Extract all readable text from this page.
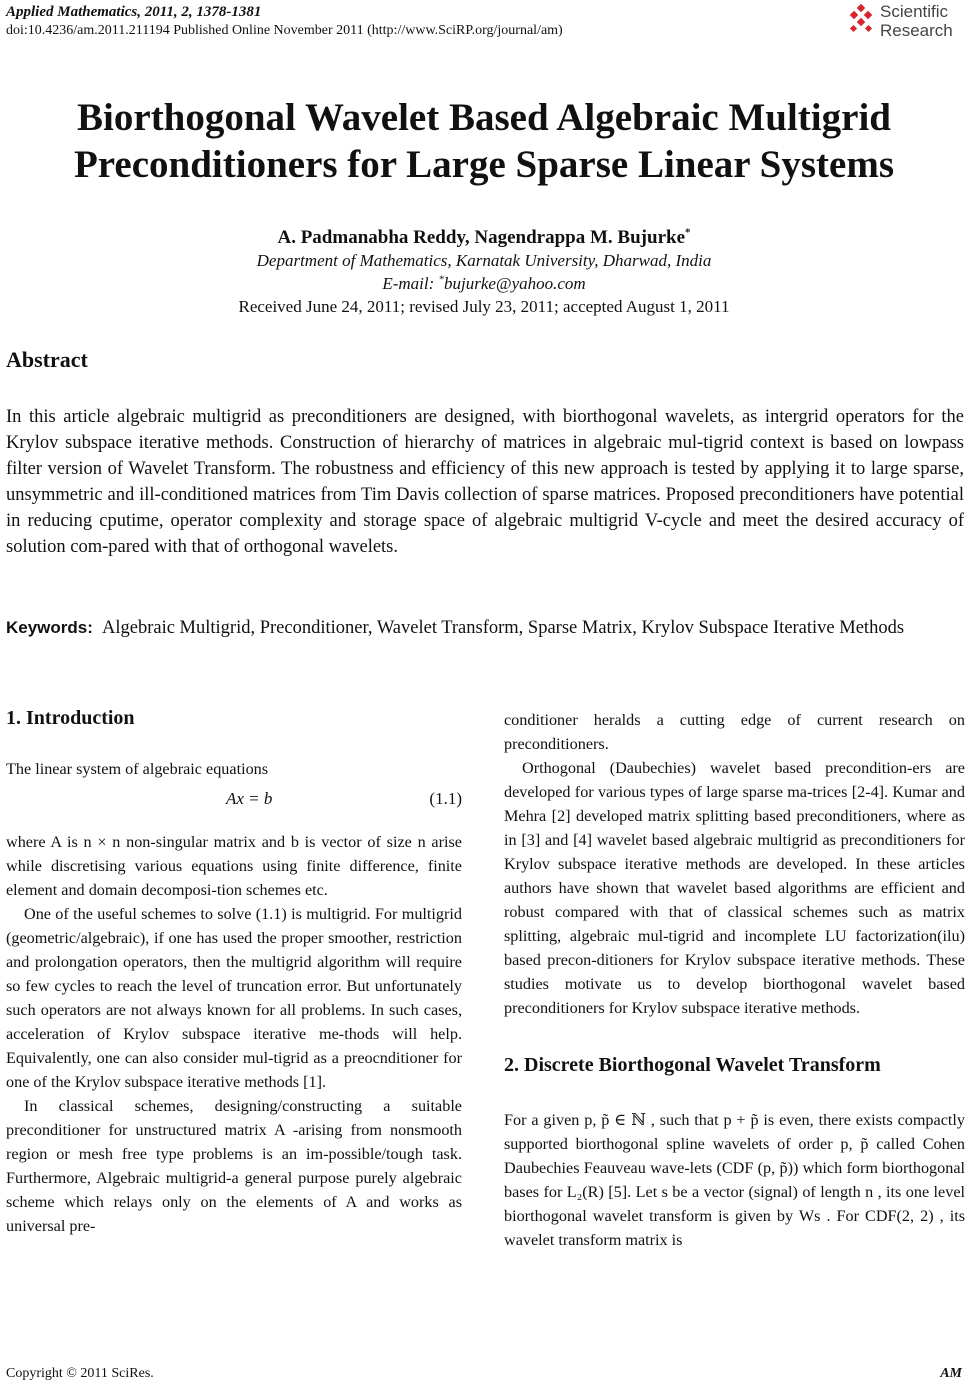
Applied Mathematics, 2011, 2, 1378-1381
doi:10.4236/am.2011.211194 Published Online November 2011 (http://www.SciRP.org/journal/am)
Scientific
Research
Biorthogonal Wavelet Based Algebraic Multigrid
Preconditioners for Large Sparse Linear Systems
A. Padmanabha Reddy, Nagendrappa M. Bujurke*
Department of Mathematics, Karnatak University, Dharwad, India
E-mail: *bujurke@yahoo.com
Received June 24, 2011; revised July 23, 2011; accepted August 1, 2011
Abstract
In this article algebraic multigrid as preconditioners are designed, with biorthogonal wavelets, as intergrid operators for the Krylov subspace iterative methods. Construction of hierarchy of matrices in algebraic mul-tigrid context is based on lowpass filter version of Wavelet Transform. The robustness and efficiency of this new approach is tested by applying it to large sparse, unsymmetric and ill-conditioned matrices from Tim Davis collection of sparse matrices. Proposed preconditioners have potential in reducing cputime, operator complexity and storage space of algebraic multigrid V-cycle and meet the desired accuracy of solution com-pared with that of orthogonal wavelets.
Keywords: Algebraic Multigrid, Preconditioner, Wavelet Transform, Sparse Matrix, Krylov Subspace Iterative Methods
1. Introduction

The linear system of algebraic equations

Ax = b	(1.1)

where A is n × n non-singular matrix and b is vector of size n arise while discretising various equations using finite difference, finite element and domain decomposi-tion schemes etc.

One of the useful schemes to solve (1.1) is multigrid. For multigrid (geometric/algebraic), if one has used the proper smoother, restriction and prolongation operators, then the multigrid algorithm will require so few cycles to reach the level of truncation error. But unfortunately such operators are not always known for all problems. In such cases, acceleration of Krylov subspace iterative me-thods will help. Equivalently, one can also consider mul-tigrid as a preocnditioner for one of the Krylov subspace iterative methods [1].

In classical schemes, designing/constructing a suitable preconditioner for unstructured matrix A -arising from nonsmooth region or mesh free type problems is an im-possible/tough task. Furthermore, Algebraic multigrid-a general purpose purely algebraic scheme which relays only on the elements of A and works as universal pre-

conditioner heralds a cutting edge of current research on preconditioners.

Orthogonal (Daubechies) wavelet based precondition-ers are developed for various types of large sparse ma-trices [2-4]. Kumar and Mehra [2] developed matrix splitting based preconditioners, where as in [3] and [4] wavelet based algebraic multigrid as preconditioners for Krylov subspace iterative methods are developed. In these articles authors have shown that wavelet based algorithms are efficient and robust compared with that of classical schemes such as matrix splitting, algebraic mul-tigrid and incomplete LU factorization(ilu) based precon-ditioners for Krylov subspace iterative methods. These studies motivate us to develop biorthogonal wavelet based preconditioners for Krylov subspace iterative methods.

2. Discrete Biorthogonal Wavelet Transform

For a given p, p̃ ∈ ℕ , such that p + p̃ is even, there exists compactly supported biorthogonal spline wavelets of order p, p̃ called Cohen Daubechies Feauveau wave-lets (CDF (p, p̃)) which form biorthogonal bases for L₂(R) [5]. Let s be a vector (signal) of length n , its one level biorthogonal wavelet transform is given by Ws . For CDF(2, 2) , its wavelet transform matrix is

Copyright © 2011 SciRes.	AM
